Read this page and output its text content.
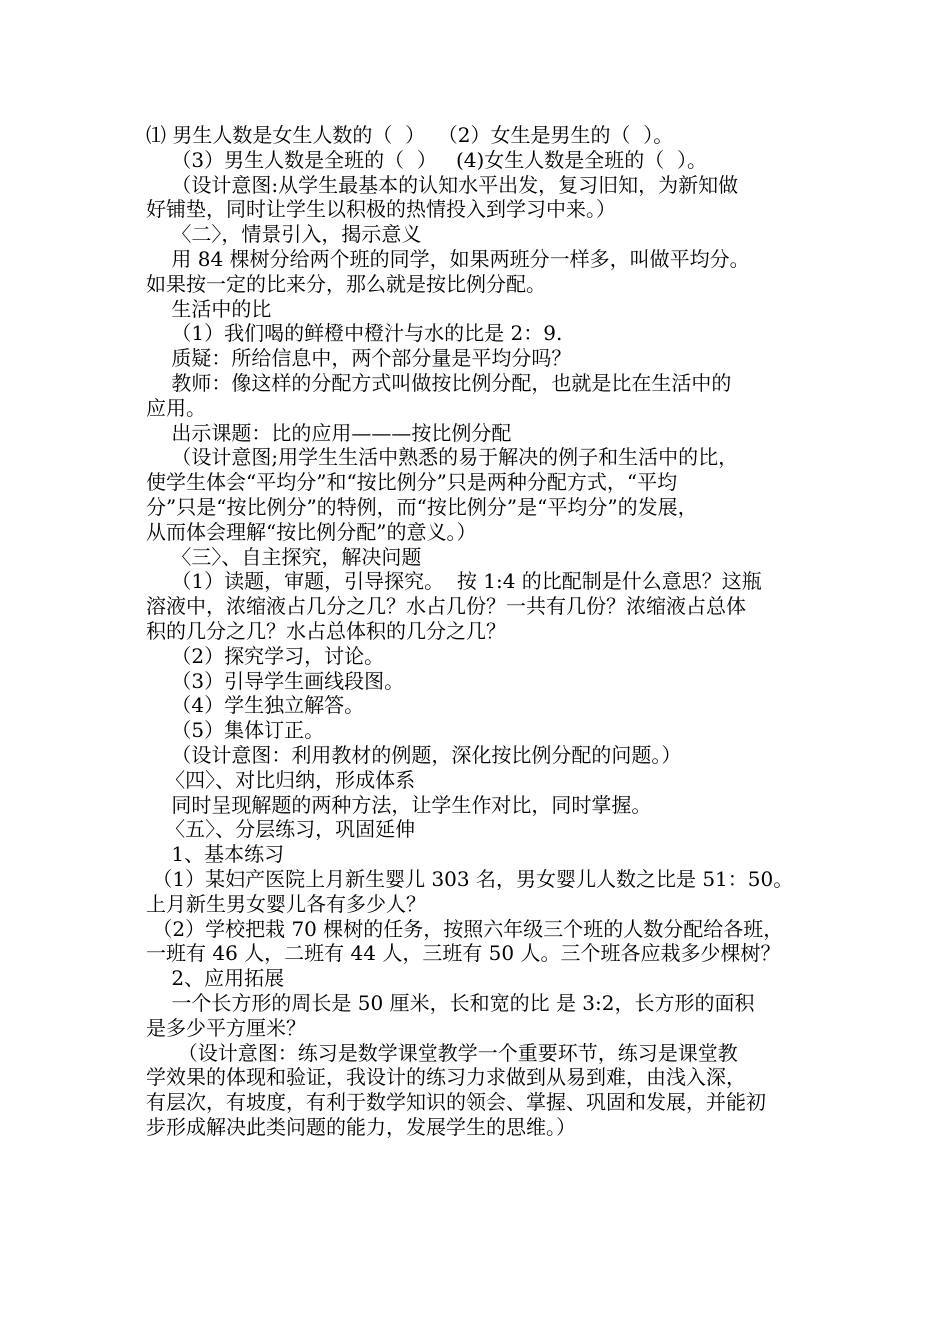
⑴ 男生人数是女生人数的（  ）  （2）女生是男生的（  ）。
（3）男生人数是全班的（  ）   (4)女生人数是全班的（  ）。
（设计意图:从学生最基本的认知水平出发，复习旧知，为新知做
好铺垫，同时让学生以积极的热情投入到学习中来。）
〈二〉，情景引入，揭示意义
用 84 棵树分给两个班的同学，如果两班分一样多，叫做平均分。
如果按一定的比来分，那么就是按比例分配。
生活中的比
（1）我们喝的鲜橙中橙汁与水的比是 2：9.
质疑：所给信息中，两个部分量是平均分吗？
教师：像这样的分配方式叫做按比例分配，也就是比在生活中的
应用。
出示课题：比的应用———按比例分配
（设计意图;用学生生活中熟悉的易于解决的例子和生活中的比，
使学生体会“平均分”和“按比例分”只是两种分配方式，“平均
分”只是“按比例分”的特例，而“按比例分”是“平均分”的发展，
从而体会理解“按比例分配”的意义。）
〈三〉、自主探究，解决问题
（1）读题，审题，引导探究。  按 1:4 的比配制是什么意思？这瓶
溶液中，浓缩液占几分之几？水占几份？一共有几份？浓缩液占总体
积的几分之几？水占总体积的几分之几？
（2）探究学习，讨论。
（3）引导学生画线段图。
（4）学生独立解答。
（5）集体订正。
（设计意图：利用教材的例题，深化按比例分配的问题。）
〈四〉、对比归纳，形成体系
同时呈现解题的两种方法，让学生作对比，同时掌握。
〈五〉、分层练习，巩固延伸
1、基本练习
（1）某妇产医院上月新生婴儿 303 名，男女婴儿人数之比是 51：50。
上月新生男女婴儿各有多少人？
（2）学校把栽 70 棵树的任务，按照六年级三个班的人数分配给各班，
一班有 46 人，二班有 44 人，三班有 50 人。三个班各应栽多少棵树？
2、应用拓展
一个长方形的周长是 50 厘米，长和宽的比 是 3:2，长方形的面积
是多少平方厘米？
（设计意图：练习是数学课堂教学一个重要环节，练习是课堂教
学效果的体现和验证，我设计的练习力求做到从易到难，由浅入深，
有层次，有坡度，有利于数学知识的领会、掌握、巩固和发展，并能初
步形成解决此类问题的能力，发展学生的思维。）
